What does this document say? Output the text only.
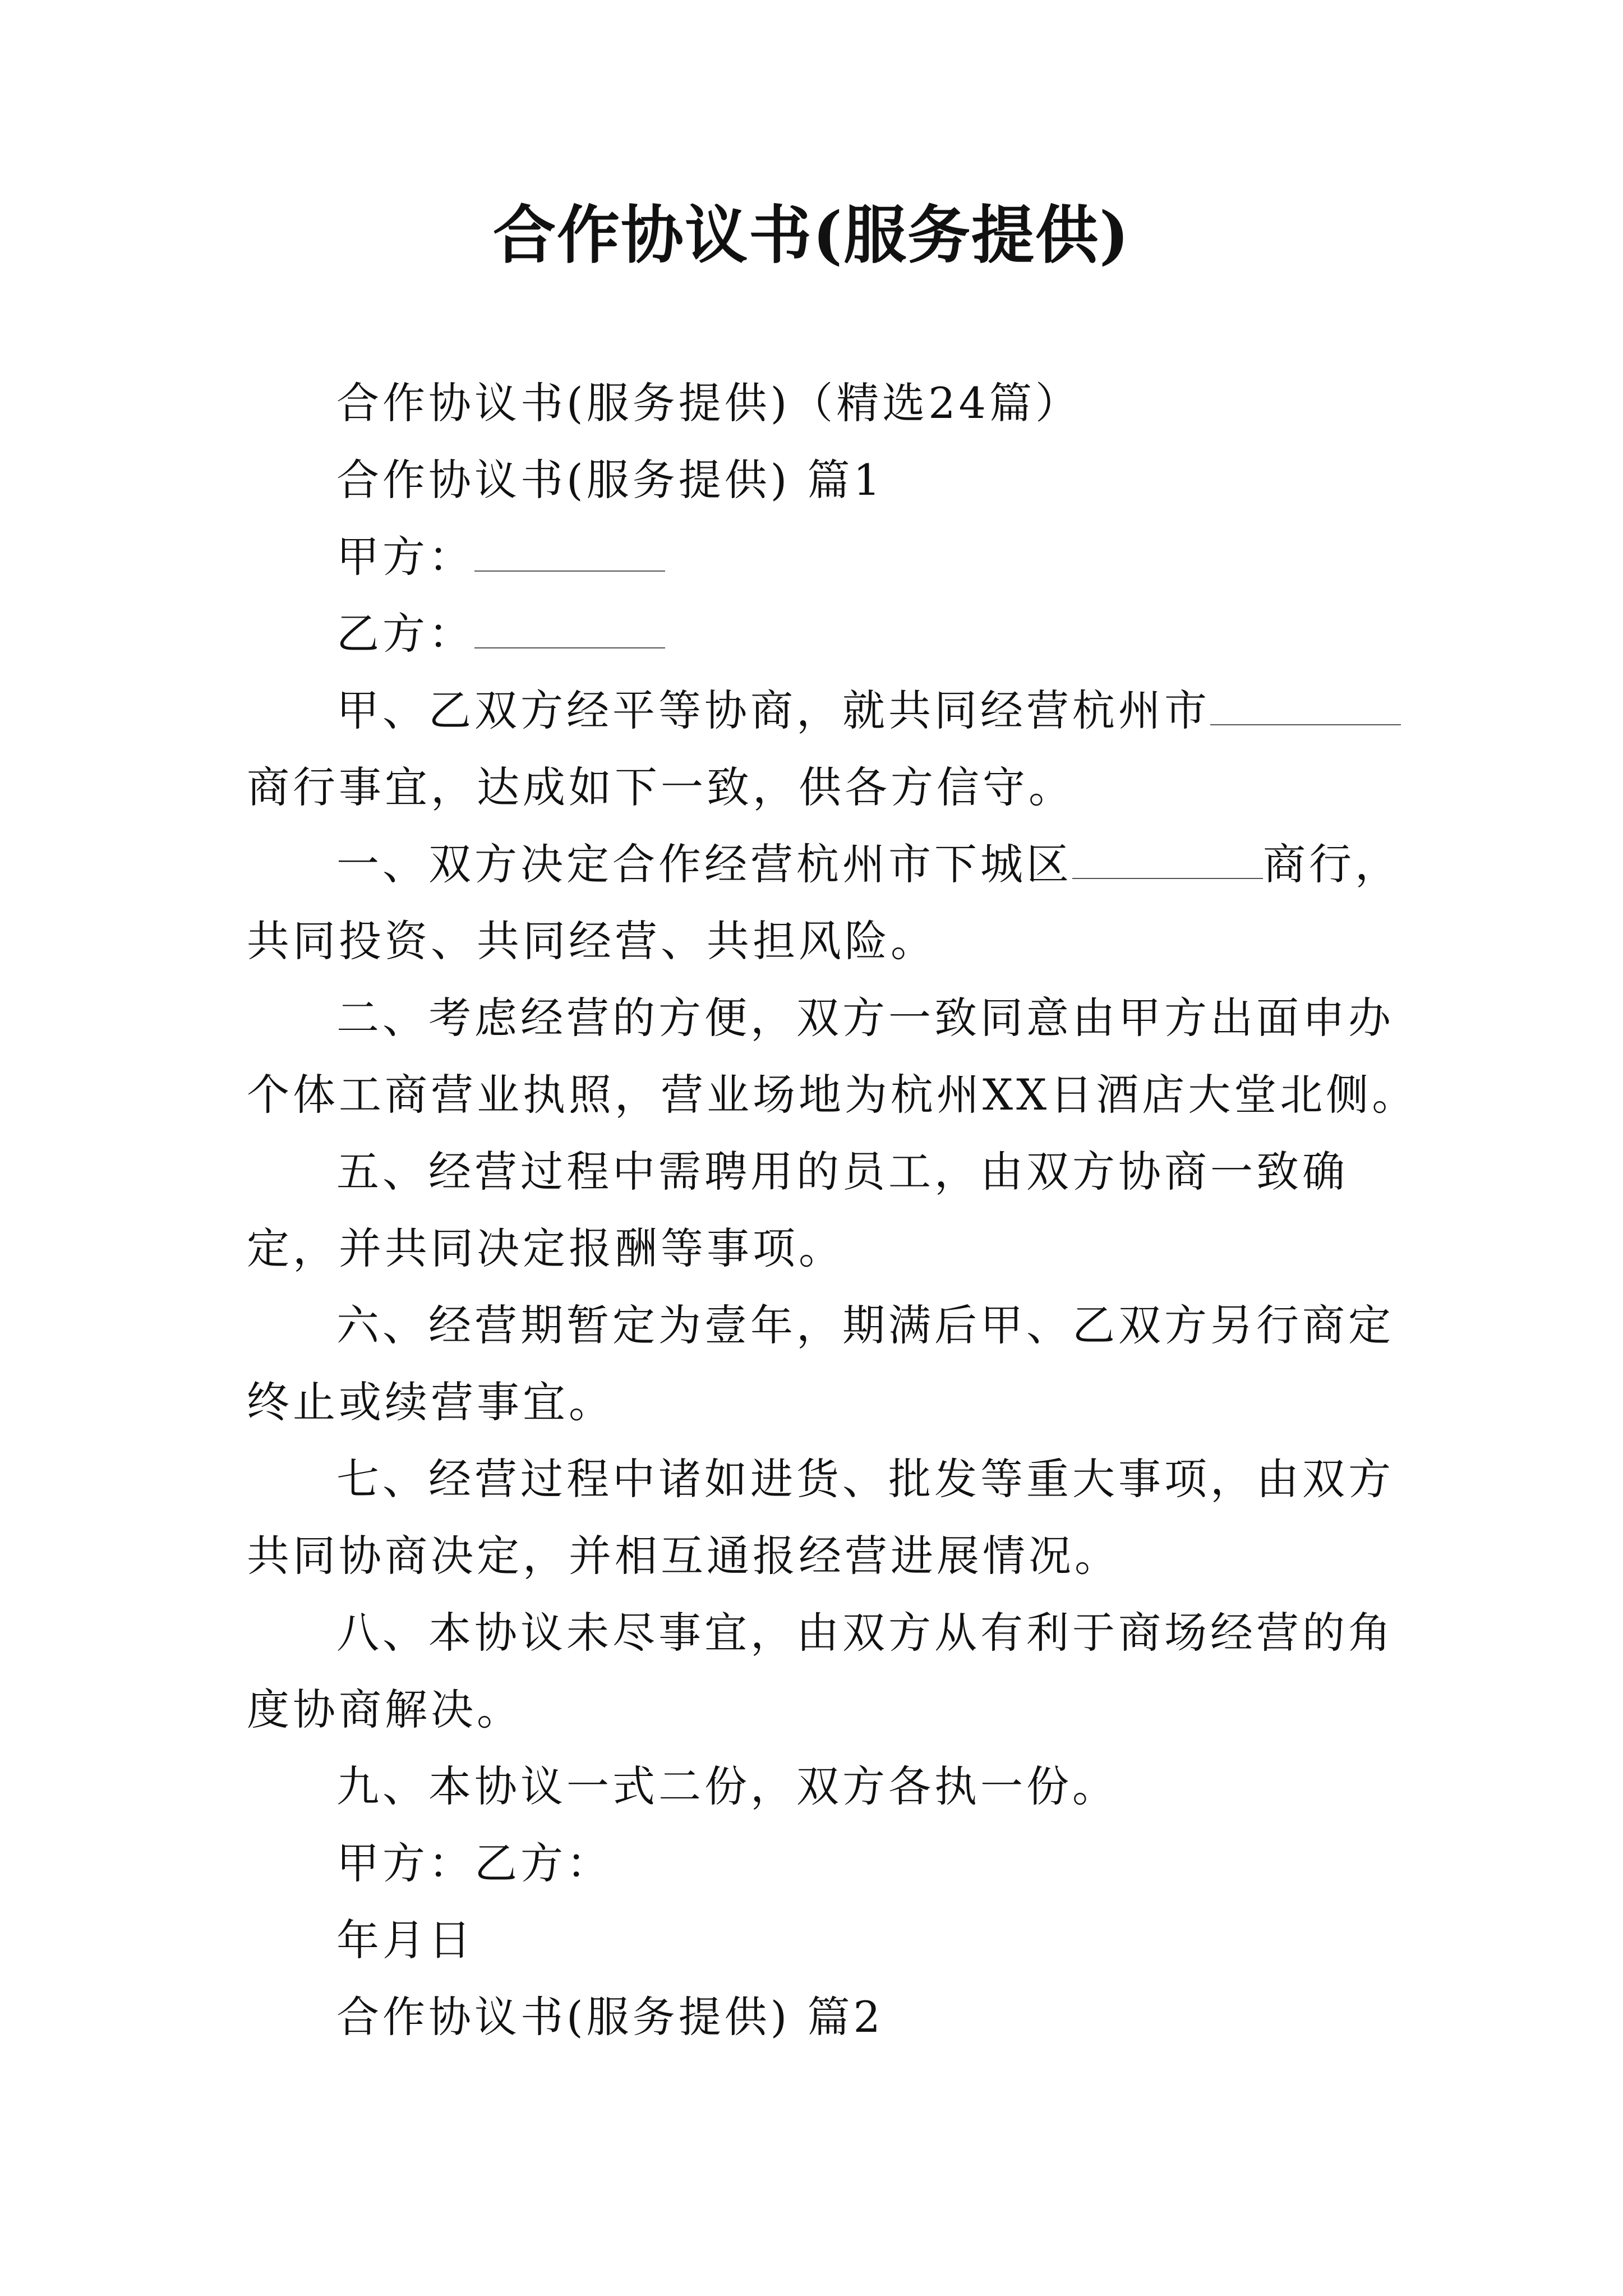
合作协议书(服务提供)

合作协议书(服务提供)（精选24篇）

合作协议书(服务提供) 篇1

甲方：

乙方：

甲、乙双方经平等协商，就共同经营杭州市商行事宜，达成如下一致，供各方信守。

一、双方决定合作经营杭州市下城区	商行，共同投资、共同经营、共担风险。

二、考虑经营的方便，双方一致同意由甲方出面申办个体工商营业执照，营业场地为杭州XX日酒店大堂北侧。

五、经营过程中需聘用的员工，由双方协商一致确定，并共同决定报酬等事项。

六、经营期暂定为壹年，期满后甲、乙双方另行商定终止或续营事宜。

七、经营过程中诸如进货、批发等重大事项，由双方共同协商决定，并相互通报经营进展情况。

八、本协议未尽事宜，由双方从有利于商场经营的角度协商解决。

九、本协议一式二份，双方各执一份。

甲方：乙方：

年月日

合作协议书(服务提供) 篇2
